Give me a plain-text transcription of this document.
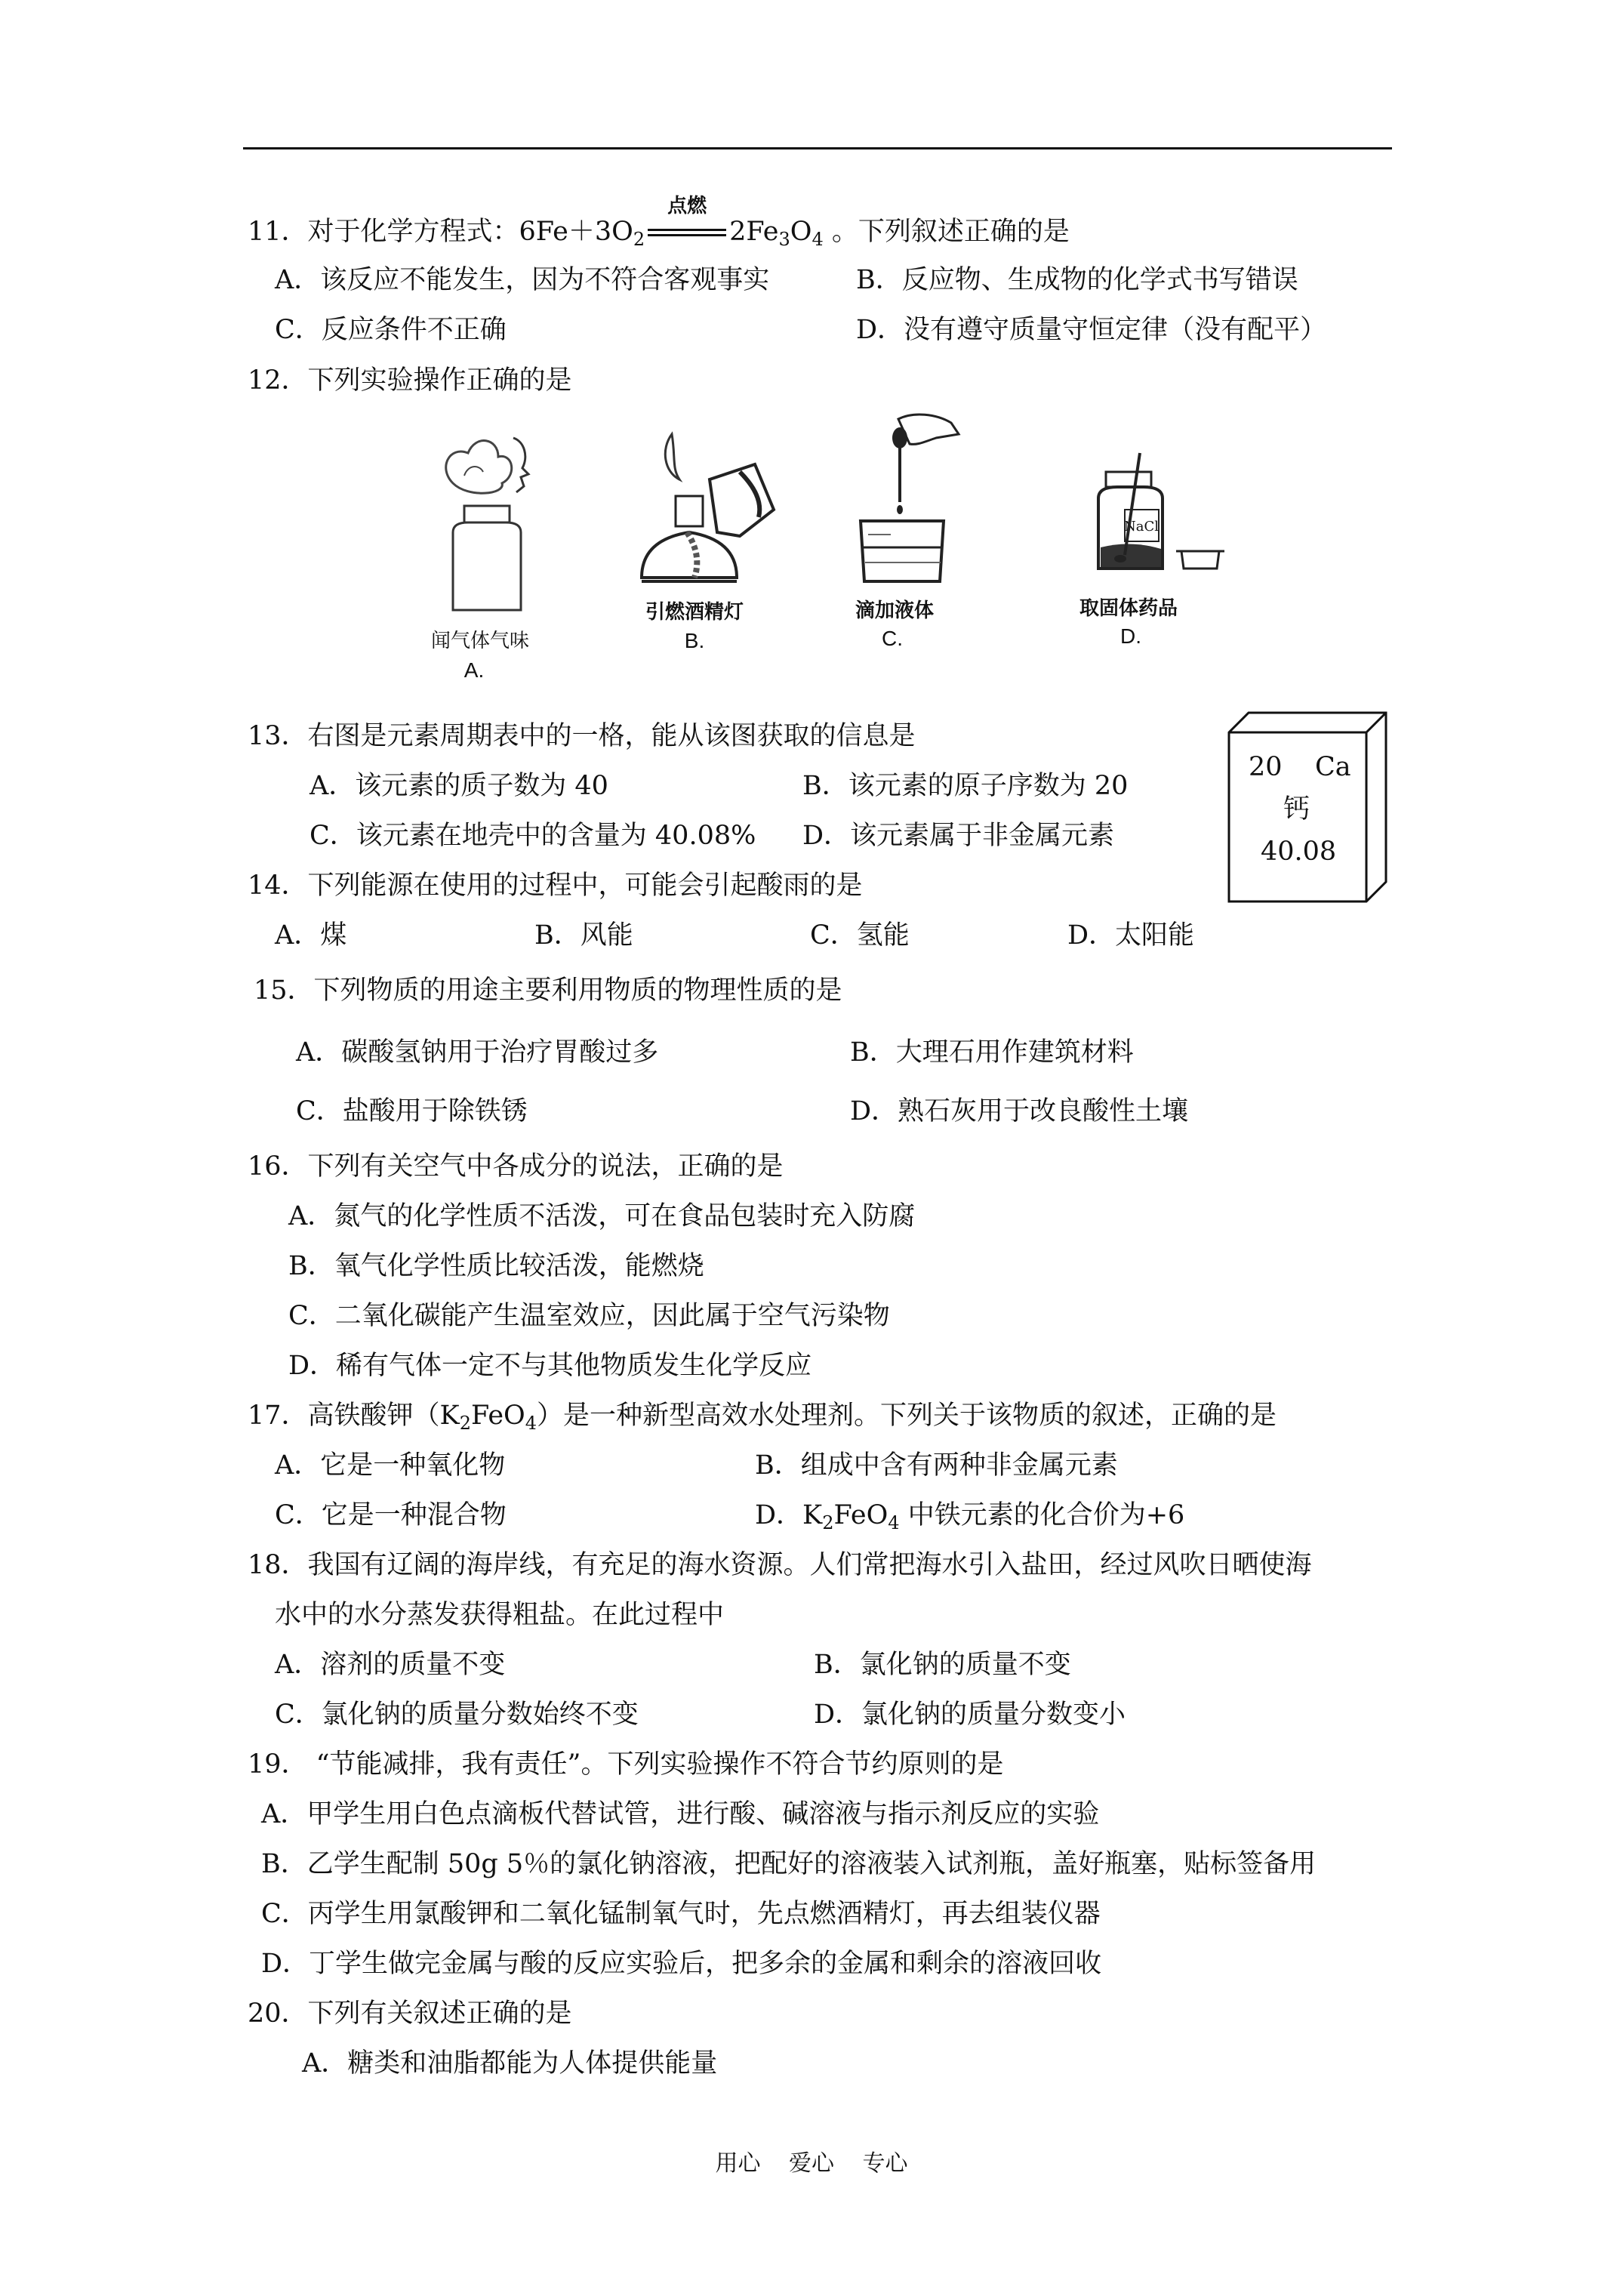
11．对于化学方程式：$6Fe+3O_2$
点燃
$2Fe_3O_4$ 。下列叙述正确的是
A．该反应不能发生，因为不符合客观事实	B．反应物、生成物的化学式书写错误
C．反应条件不正确	D．没有遵守质量守恒定律（没有配平）
12．下列实验操作正确的是
闻气体气味
A.
引燃酒精灯
B.
滴加液体
C.
NaCl
取固体药品
D.
13．右图是元素周期表中的一格，能从该图获取的信息是
A．该元素的质子数为 40	B．该元素的原子序数为 20
C．该元素在地壳中的含量为 40.08% D．该元素属于非金属元素
20 Ca
钙
40.08
14．下列能源在使用的过程中，可能会引起酸雨的是
A．煤	B．风能	C．氢能	D．太阳能
15．下列物质的用途主要利用物质的物理性质的是
A．碳酸氢钠用于治疗胃酸过多	B．大理石用作建筑材料
C．盐酸用于除铁锈	D．熟石灰用于改良酸性土壤
16．下列有关空气中各成分的说法，正确的是
A．氮气的化学性质不活泼，可在食品包装时充入防腐
B．氧气化学性质比较活泼，能燃烧
C．二氧化碳能产生温室效应，因此属于空气污染物
D．稀有气体一定不与其他物质发生化学反应
17．高铁酸钾$(K_2FeO_4)$是一种新型高效水处理剂。下列关于该物质的叙述，正确的是
A．它是一种氧化物	B．组成中含有两种非金属元素
C．它是一种混合物	D．$K_2FeO_4$ 中铁元素的化合价为+6
18．我国有辽阔的海岸线，有充足的海水资源。人们常把海水引入盐田，经过风吹日晒使海
水中的水分蒸发获得粗盐。在此过程中
A．溶剂的质量不变	B．氯化钠的质量不变
C．氯化钠的质量分数始终不变	D．氯化钠的质量分数变小
19． “节能减排，我有责任”。下列实验操作不符合节约原则的是
A．甲学生用白色点滴板代替试管，进行酸、碱溶液与指示剂反应的实验
B．乙学生配制 50g 5％的氯化钠溶液，把配好的溶液装入试剂瓶，盖好瓶塞，贴标签备用
C．丙学生用氯酸钾和二氧化锰制氧气时，先点燃酒精灯，再去组装仪器
D．丁学生做完金属与酸的反应实验后，把多余的金属和剩余的溶液回收
20．下列有关叙述正确的是
A．糖类和油脂都能为人体提供能量
用心 爱心 专心
